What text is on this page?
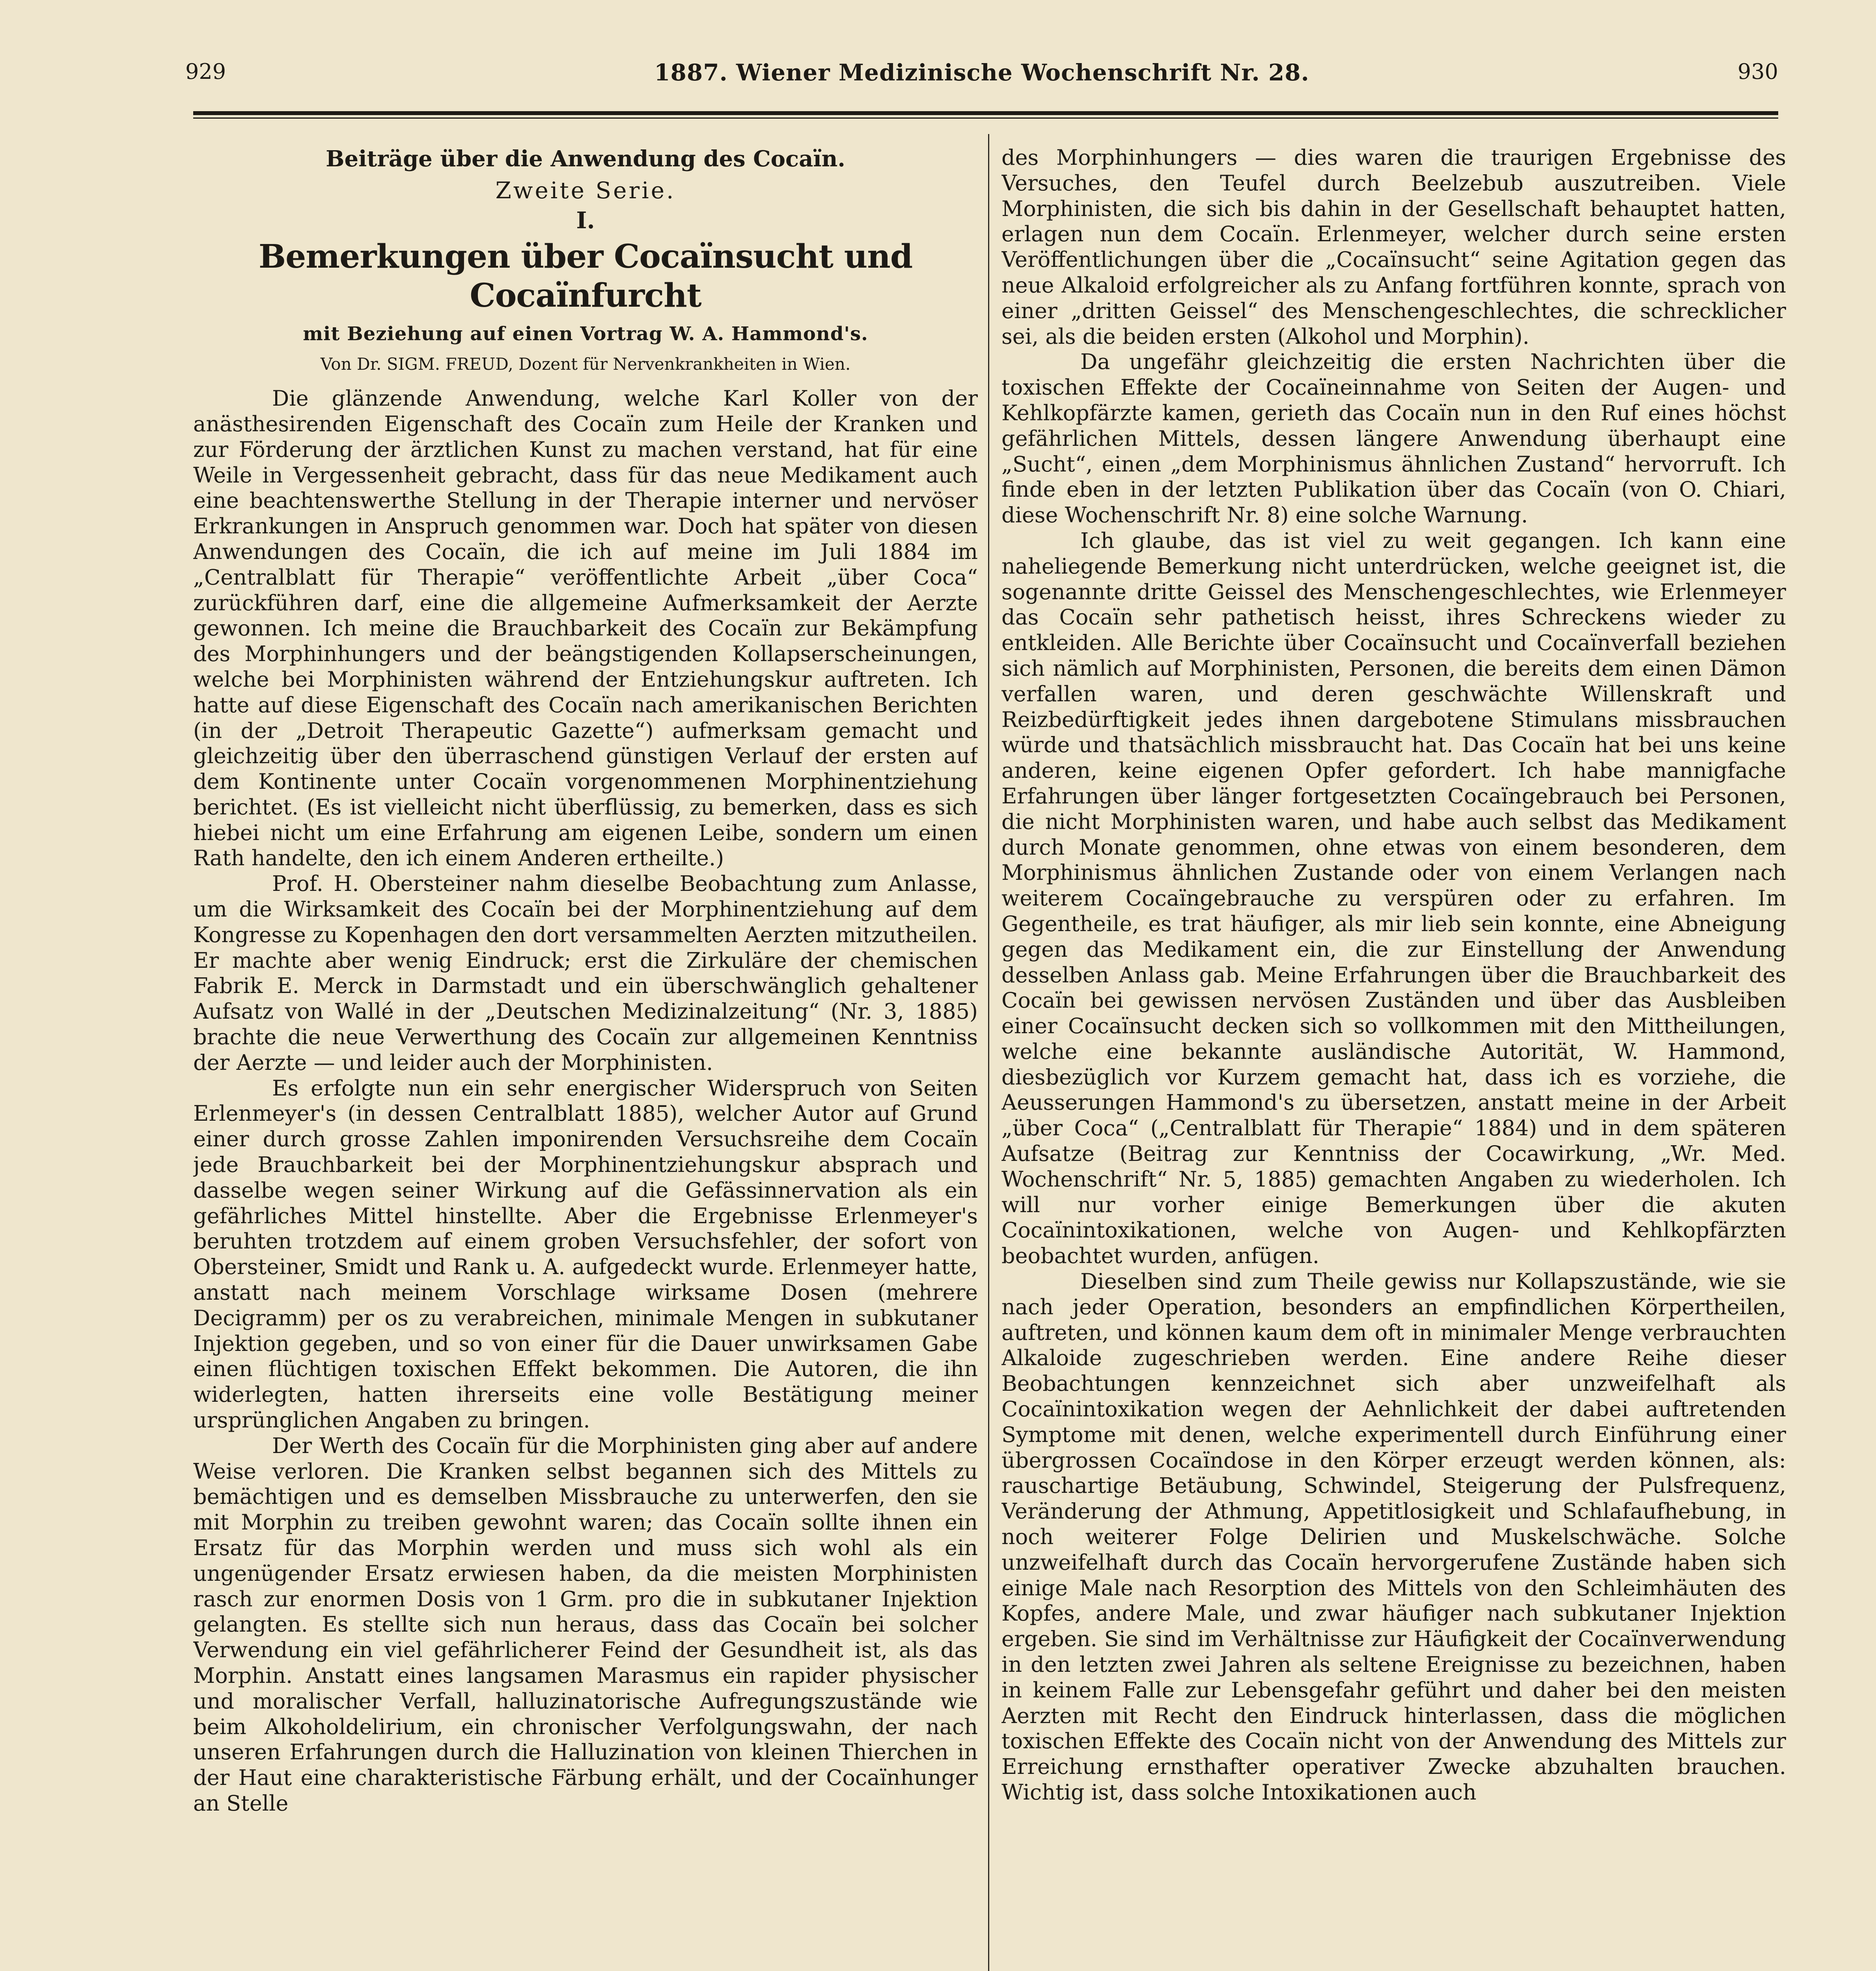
929	1887. Wiener Medizinische Wochenschrift Nr. 28.	930
Beiträge über die Anwendung des Cocaïn.
Zweite Serie.
I.
Bemerkungen über Cocaïnsucht und Cocaïnfurcht
mit Beziehung auf einen Vortrag W. A. Hammond's.
Von Dr. SIGM. FREUD, Dozent für Nervenkrankheiten in Wien.

Die glänzende Anwendung, welche Karl Koller von der anästhesirenden Eigenschaft des Cocaïn zum Heile der Kranken und zur Förderung der ärztlichen Kunst zu machen verstand, hat für eine Weile in Vergessenheit gebracht, dass für das neue Medikament auch eine beachtenswerthe Stellung in der Therapie interner und nervöser Erkrankungen in Anspruch genommen war. Doch hat später von diesen Anwendungen des Cocaïn, die ich auf meine im Juli 1884 im „Centralblatt für Therapie“ veröffentlichte Arbeit „über Coca“ zurückführen darf, eine die allgemeine Aufmerksamkeit der Aerzte gewonnen. Ich meine die Brauchbarkeit des Cocaïn zur Bekämpfung des Morphinhungers und der beängstigenden Kollapserscheinungen, welche bei Morphinisten während der Entziehungskur auftreten. Ich hatte auf diese Eigenschaft des Cocaïn nach amerikanischen Berichten (in der „Detroit Therapeutic Gazette“) aufmerksam gemacht und gleichzeitig über den überraschend günstigen Verlauf der ersten auf dem Kontinente unter Cocaïn vorgenommenen Morphinentziehung berichtet. (Es ist vielleicht nicht überflüssig, zu bemerken, dass es sich hiebei nicht um eine Erfahrung am eigenen Leibe, sondern um einen Rath handelte, den ich einem Anderen ertheilte.)

Prof. H. Obersteiner nahm dieselbe Beobachtung zum Anlasse, um die Wirksamkeit des Cocaïn bei der Morphinentziehung auf dem Kongresse zu Kopenhagen den dort versammelten Aerzten mitzutheilen. Er machte aber wenig Eindruck; erst die Zirkuläre der chemischen Fabrik E. Merck in Darmstadt und ein überschwänglich gehaltener Aufsatz von Wallé in der „Deutschen Medizinalzeitung“ (Nr. 3, 1885) brachte die neue Verwerthung des Cocaïn zur allgemeinen Kenntniss der Aerzte — und leider auch der Morphinisten.

Es erfolgte nun ein sehr energischer Widerspruch von Seiten Erlenmeyer's (in dessen Centralblatt 1885), welcher Autor auf Grund einer durch grosse Zahlen imponirenden Versuchsreihe dem Cocaïn jede Brauchbarkeit bei der Morphinentziehungskur absprach und dasselbe wegen seiner Wirkung auf die Gefässinnervation als ein gefährliches Mittel hinstellte. Aber die Ergebnisse Erlenmeyer's beruhten trotzdem auf einem groben Versuchsfehler, der sofort von Obersteiner, Smidt und Rank u. A. aufgedeckt wurde. Erlenmeyer hatte, anstatt nach meinem Vorschlage wirksame Dosen (mehrere Decigramm) per os zu verabreichen, minimale Mengen in subkutaner Injektion gegeben, und so von einer für die Dauer unwirksamen Gabe einen flüchtigen toxischen Effekt bekommen. Die Autoren, die ihn widerlegten, hatten ihrerseits eine volle Bestätigung meiner ursprünglichen Angaben zu bringen.

Der Werth des Cocaïn für die Morphinisten ging aber auf andere Weise verloren. Die Kranken selbst begannen sich des Mittels zu bemächtigen und es demselben Missbrauche zu unterwerfen, den sie mit Morphin zu treiben gewohnt waren; das Cocaïn sollte ihnen ein Ersatz für das Morphin werden und muss sich wohl als ein ungenügender Ersatz erwiesen haben, da die meisten Morphinisten rasch zur enormen Dosis von 1 Grm. pro die in subkutaner Injektion gelangten. Es stellte sich nun heraus, dass das Cocaïn bei solcher Verwendung ein viel gefährlicherer Feind der Gesundheit ist, als das Morphin. Anstatt eines langsamen Marasmus ein rapider physischer und moralischer Verfall, halluzinatorische Aufregungszustände wie beim Alkoholdelirium, ein chronischer Verfolgungswahn, der nach unseren Erfahrungen durch die Halluzination von kleinen Thierchen in der Haut eine charakteristische Färbung erhält, und der Cocaïnhunger an Stelle

des Morphinhungers — dies waren die traurigen Ergebnisse des Versuches, den Teufel durch Beelzebub auszutreiben. Viele Morphinisten, die sich bis dahin in der Gesellschaft behauptet hatten, erlagen nun dem Cocaïn. Erlenmeyer, welcher durch seine ersten Veröffentlichungen über die „Cocaïnsucht“ seine Agitation gegen das neue Alkaloid erfolgreicher als zu Anfang fortführen konnte, sprach von einer „dritten Geissel“ des Menschengeschlechtes, die schrecklicher sei, als die beiden ersten (Alkohol und Morphin).

Da ungefähr gleichzeitig die ersten Nachrichten über die toxischen Effekte der Cocaïneinnahme von Seiten der Augen- und Kehlkopfärzte kamen, gerieth das Cocaïn nun in den Ruf eines höchst gefährlichen Mittels, dessen längere Anwendung überhaupt eine „Sucht“, einen „dem Morphinismus ähnlichen Zustand“ hervorruft. Ich finde eben in der letzten Publikation über das Cocaïn (von O. Chiari, diese Wochenschrift Nr. 8) eine solche Warnung.

Ich glaube, das ist viel zu weit gegangen. Ich kann eine naheliegende Bemerkung nicht unterdrücken, welche geeignet ist, die sogenannte dritte Geissel des Menschengeschlechtes, wie Erlenmeyer das Cocaïn sehr pathetisch heisst, ihres Schreckens wieder zu entkleiden. Alle Berichte über Cocaïnsucht und Cocaïnverfall beziehen sich nämlich auf Morphinisten, Personen, die bereits dem einen Dämon verfallen waren, und deren geschwächte Willenskraft und Reizbedürftigkeit jedes ihnen dargebotene Stimulans missbrauchen würde und thatsächlich missbraucht hat. Das Cocaïn hat bei uns keine anderen, keine eigenen Opfer gefordert. Ich habe mannigfache Erfahrungen über länger fortgesetzten Cocaïngebrauch bei Personen, die nicht Morphinisten waren, und habe auch selbst das Medikament durch Monate genommen, ohne etwas von einem besonderen, dem Morphinismus ähnlichen Zustande oder von einem Verlangen nach weiterem Cocaïngebrauche zu verspüren oder zu erfahren. Im Gegentheile, es trat häufiger, als mir lieb sein konnte, eine Abneigung gegen das Medikament ein, die zur Einstellung der Anwendung desselben Anlass gab. Meine Erfahrungen über die Brauchbarkeit des Cocaïn bei gewissen nervösen Zuständen und über das Ausbleiben einer Cocaïnsucht decken sich so vollkommen mit den Mittheilungen, welche eine bekannte ausländische Autorität, W. Hammond, diesbezüglich vor Kurzem gemacht hat, dass ich es vorziehe, die Aeusserungen Hammond's zu übersetzen, anstatt meine in der Arbeit „über Coca“ („Centralblatt für Therapie“ 1884) und in dem späteren Aufsatze (Beitrag zur Kenntniss der Cocawirkung, „Wr. Med. Wochenschrift“ Nr. 5, 1885) gemachten Angaben zu wiederholen. Ich will nur vorher einige Bemerkungen über die akuten Cocaïnintoxikationen, welche von Augen- und Kehlkopfärzten beobachtet wurden, anfügen.

Dieselben sind zum Theile gewiss nur Kollapszustände, wie sie nach jeder Operation, besonders an empfindlichen Körpertheilen, auftreten, und können kaum dem oft in minimaler Menge verbrauchten Alkaloide zugeschrieben werden. Eine andere Reihe dieser Beobachtungen kennzeichnet sich aber unzweifelhaft als Cocaïnintoxikation wegen der Aehnlichkeit der dabei auftretenden Symptome mit denen, welche experimentell durch Einführung einer übergrossen Cocaïndose in den Körper erzeugt werden können, als: rauschartige Betäubung, Schwindel, Steigerung der Pulsfrequenz, Veränderung der Athmung, Appetitlosigkeit und Schlafaufhebung, in noch weiterer Folge Delirien und Muskelschwäche. Solche unzweifelhaft durch das Cocaïn hervorgerufene Zustände haben sich einige Male nach Resorption des Mittels von den Schleimhäuten des Kopfes, andere Male, und zwar häufiger nach subkutaner Injektion ergeben. Sie sind im Verhältnisse zur Häufigkeit der Cocaïnverwendung in den letzten zwei Jahren als seltene Ereignisse zu bezeichnen, haben in keinem Falle zur Lebensgefahr geführt und daher bei den meisten Aerzten mit Recht den Eindruck hinterlassen, dass die möglichen toxischen Effekte des Cocaïn nicht von der Anwendung des Mittels zur Erreichung ernsthafter operativer Zwecke abzuhalten brauchen. Wichtig ist, dass solche Intoxikationen auch
